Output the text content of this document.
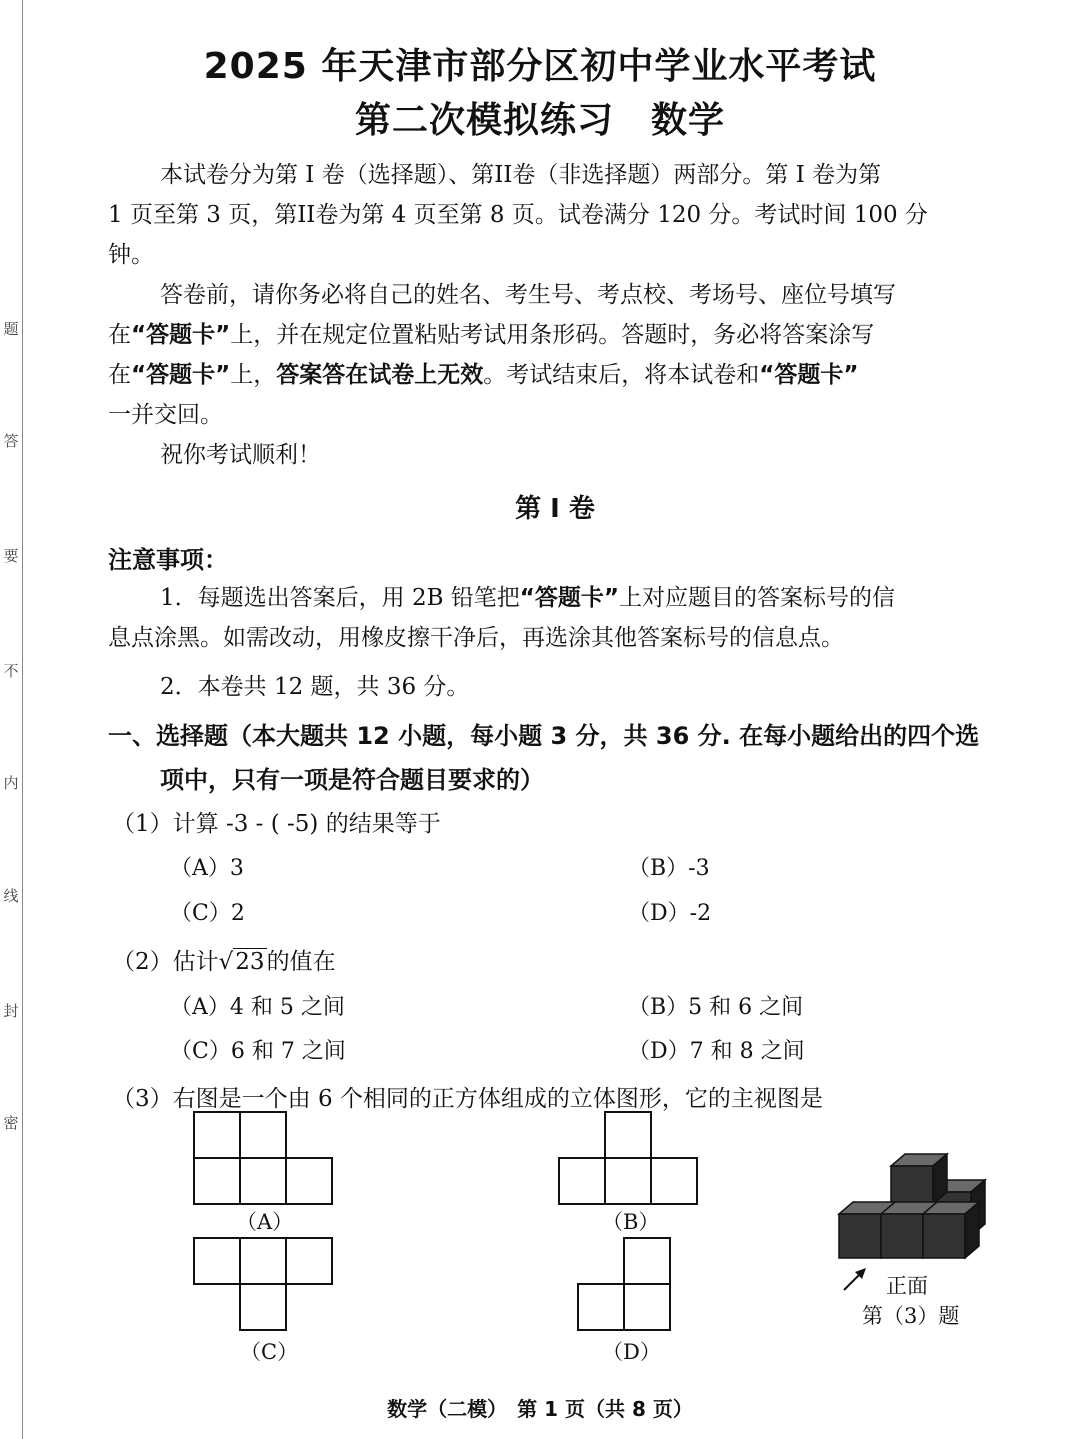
题
答
要
不
内
线
封
密
2025 年天津市部分区初中学业水平考试
第二次模拟练习　数学
本试卷分为第 I 卷（选择题）、第II卷（非选择题）两部分。第 I 卷为第
1 页至第 3 页，第II卷为第 4 页至第 8 页。试卷满分 120 分。考试时间 100 分
钟。
答卷前，请你务必将自己的姓名、考生号、考点校、考场号、座位号填写
在“答题卡”上，并在规定位置粘贴考试用条形码。答题时，务必将答案涂写
在“答题卡”上，答案答在试卷上无效。考试结束后，将本试卷和“答题卡”
一并交回。
祝你考试顺利！
第 I 卷
注意事项：
1．每题选出答案后，用 2B 铅笔把“答题卡”上对应题目的答案标号的信
息点涂黑。如需改动，用橡皮擦干净后，再选涂其他答案标号的信息点。
2．本卷共 12 题，共 36 分。
一、选择题（本大题共 12 小题，每小题 3 分，共 36 分. 在每小题给出的四个选
项中，只有一项是符合题目要求的）
（1）计算 -3 - ( -5) 的结果等于
（A）3	（B）-3
（C）2	（D）-2
（2）估计√23的值在
（A）4 和 5 之间	（B）5 和 6 之间
（C）6 和 7 之间	（D）7 和 8 之间
（3）右图是一个由 6 个相同的正方体组成的立体图形，它的主视图是
（A）	（B）
（C）	（D）
正面
第（3）题
数学（二模）　第 1 页（共 8 页）
